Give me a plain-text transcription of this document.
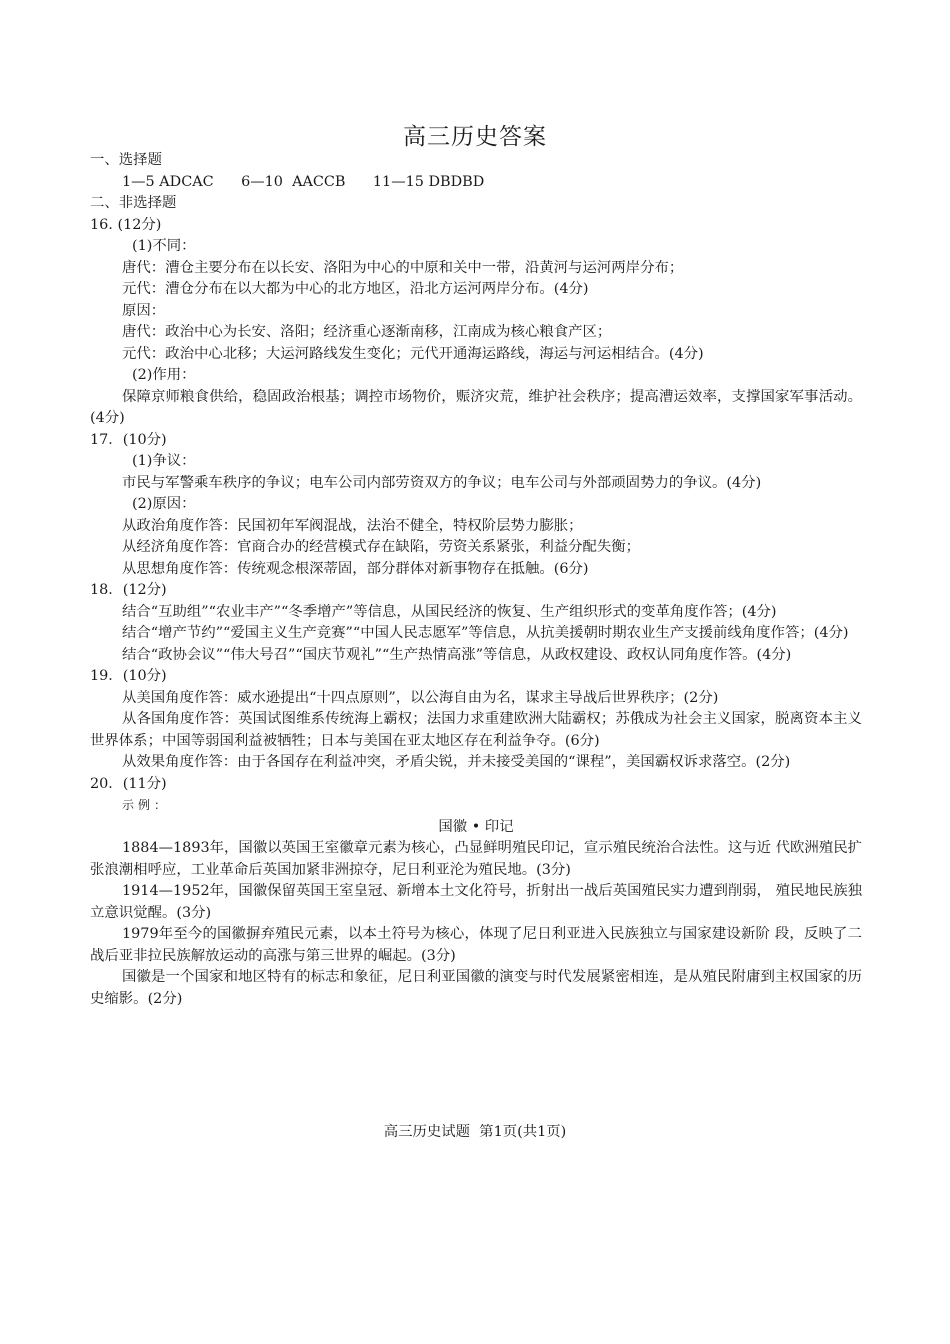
高三历史答案
一、选择题
1—5 ADCAC      6—10  AACCB      11—15 DBDBD
二、非选择题
16. (12分)
(1)不同：
唐代：漕仓主要分布在以长安、洛阳为中心的中原和关中一带，沿黄河与运河两岸分布；
元代：漕仓分布在以大都为中心的北方地区，沿北方运河两岸分布。(4分)
原因：
唐代：政治中心为长安、洛阳；经济重心逐渐南移，江南成为核心粮食产区；
元代：政治中心北移；大运河路线发生变化；元代开通海运路线，海运与河运相结合。(4分)
(2)作用：
保障京师粮食供给，稳固政治根基；调控市场物价，赈济灾荒，维护社会秩序；提高漕运效率，支撑国家军事活动。(4分)
17．(10分)
(1)争议：
市民与军警乘车秩序的争议；电车公司内部劳资双方的争议；电车公司与外部顽固势力的争议。(4分)
(2)原因：
从政治角度作答：民国初年军阀混战，法治不健全，特权阶层势力膨胀；
从经济角度作答：官商合办的经营模式存在缺陷，劳资关系紧张，利益分配失衡；
从思想角度作答：传统观念根深蒂固，部分群体对新事物存在抵触。(6分)
18．(12分)
结合“互助组”“农业丰产”“冬季增产”等信息，从国民经济的恢复、生产组织形式的变革角度作答；(4分)
结合“增产节约”“爱国主义生产竞赛”“中国人民志愿军”等信息，从抗美援朝时期农业生产支援前线角度作答；(4分)
结合“政协会议”“伟大号召”“国庆节观礼”“生产热情高涨”等信息，从政权建设、政权认同角度作答。(4分)
19．(10分)
从美国角度作答：威水逊提出“十四点原则”，以公海自由为名，谋求主导战后世界秩序；(2分)
从各国角度作答：英国试图维系传统海上霸权；法国力求重建欧洲大陆霸权；苏俄成为社会主义国家，脱离资本主义世界体系；中国等弱国利益被牺牲；日本与美国在亚太地区存在利益争夺。(6分)
从效果角度作答：由于各国存在利益冲突，矛盾尖锐，并未接受美国的“课程”，美国霸权诉求落空。(2分)
20．(11分)
示例：
国徽 • 印记
1884—1893年，国徽以英国王室徽章元素为核心，凸显鲜明殖民印记，宣示殖民统治合法性。这与近 代欧洲殖民扩张浪潮相呼应，工业革命后英国加紧非洲掠夺，尼日利亚沦为殖民地。(3分)
1914—1952年，国徽保留英国王室皇冠、新增本土文化符号，折射出一战后英国殖民实力遭到削弱， 殖民地民族独立意识觉醒。(3分)
1979年至今的国徽摒弃殖民元素，以本土符号为核心，体现了尼日利亚进入民族独立与国家建设新阶 段，反映了二战后亚非拉民族解放运动的高涨与第三世界的崛起。(3分)
国徽是一个国家和地区特有的标志和象征，尼日利亚国徽的演变与时代发展紧密相连，是从殖民附庸到主权国家的历史缩影。(2分)
高三历史试题  第1页(共1页)
